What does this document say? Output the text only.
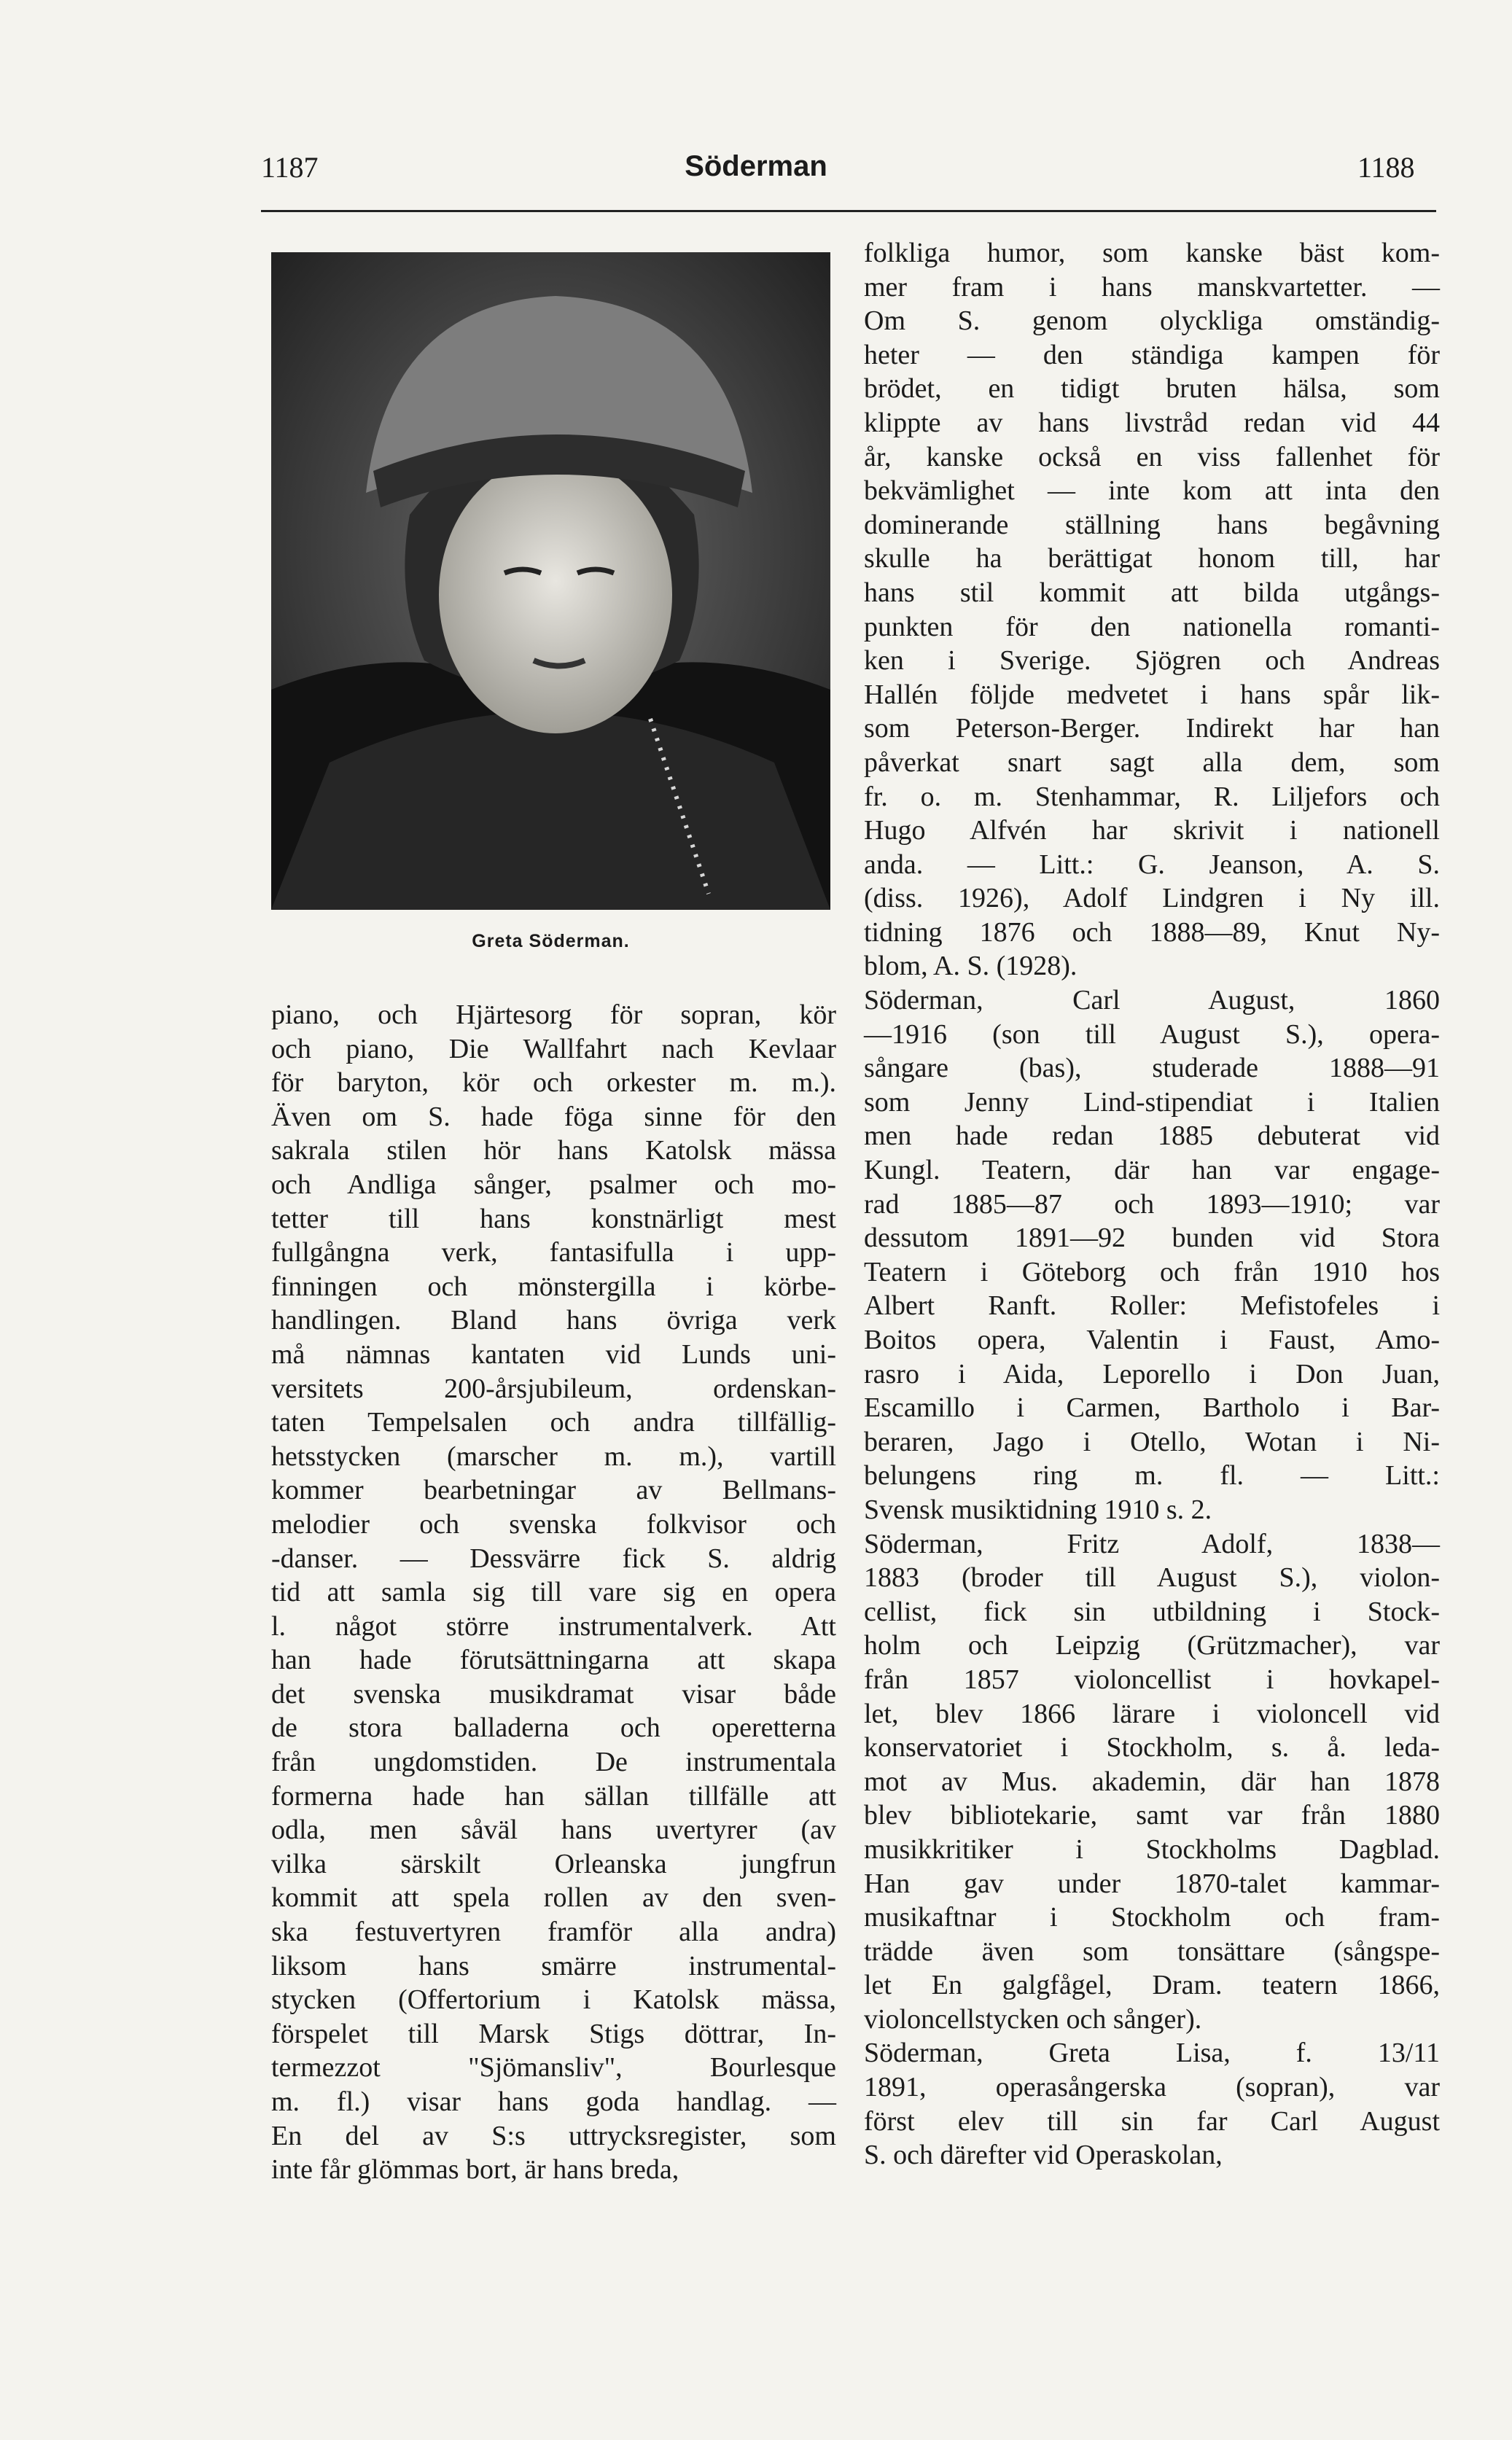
1187	Söderman	1188
Greta Söderman.
piano, och Hjärtesorg för sopran, kör
och piano, Die Wallfahrt nach Kevlaar
för baryton, kör och orkester m. m.).
Även om S. hade föga sinne för den
sakrala stilen hör hans Katolsk mässa
och Andliga sånger, psalmer och mo-
tetter till hans konstnärligt mest
fullgångna verk, fantasifulla i upp-
finningen och mönstergilla i körbe-
handlingen. Bland hans övriga verk
må nämnas kantaten vid Lunds uni-
versitets 200-årsjubileum, ordenskan-
taten Tempelsalen och andra tillfällig-
hetsstycken (marscher m. m.), vartill
kommer bearbetningar av Bellmans-
melodier och svenska folkvisor och
-danser. — Dessvärre fick S. aldrig
tid att samla sig till vare sig en opera
l. något större instrumentalverk. Att
han hade förutsättningarna att skapa
det svenska musikdramat visar både
de stora balladerna och operetterna
från ungdomstiden. De instrumentala
formerna hade han sällan tillfälle att
odla, men såväl hans uvertyrer (av
vilka särskilt Orleanska jungfrun
kommit att spela rollen av den sven-
ska festuvertyren framför alla andra)
liksom hans smärre instrumental-
stycken (Offertorium i Katolsk mässa,
förspelet till Marsk Stigs döttrar, In-
termezzot "Sjömansliv", Bourlesque
m. fl.) visar hans goda handlag. —
En del av S:s uttrycksregister, som
inte får glömmas bort, är hans breda,
folkliga humor, som kanske bäst kom-
mer fram i hans manskvartetter. —
Om S. genom olyckliga omständig-
heter — den ständiga kampen för
brödet, en tidigt bruten hälsa, som
klippte av hans livstråd redan vid 44
år, kanske också en viss fallenhet för
bekvämlighet — inte kom att inta den
dominerande ställning hans begåvning
skulle ha berättigat honom till, har
hans stil kommit att bilda utgångs-
punkten för den nationella romanti-
ken i Sverige. Sjögren och Andreas
Hallén följde medvetet i hans spår lik-
som Peterson-Berger. Indirekt har han
påverkat snart sagt alla dem, som
fr. o. m. Stenhammar, R. Liljefors och
Hugo Alfvén har skrivit i nationell
anda. — Litt.: G. Jeanson, A. S.
(diss. 1926), Adolf Lindgren i Ny ill.
tidning 1876 och 1888—89, Knut Ny-
blom, A. S. (1928).
Söderman, Carl August, 1860
—1916 (son till August S.), opera-
sångare (bas), studerade 1888—91
som Jenny Lind-stipendiat i Italien
men hade redan 1885 debuterat vid
Kungl. Teatern, där han var engage-
rad 1885—87 och 1893—1910; var
dessutom 1891—92 bunden vid Stora
Teatern i Göteborg och från 1910 hos
Albert Ranft. Roller: Mefistofeles i
Boitos opera, Valentin i Faust, Amo-
rasro i Aida, Leporello i Don Juan,
Escamillo i Carmen, Bartholo i Bar-
beraren, Jago i Otello, Wotan i Ni-
belungens ring m. fl. — Litt.:
Svensk musiktidning 1910 s. 2.
Söderman, Fritz Adolf, 1838—
1883 (broder till August S.), violon-
cellist, fick sin utbildning i Stock-
holm och Leipzig (Grützmacher), var
från 1857 violoncellist i hovkapel-
let, blev 1866 lärare i violoncell vid
konservatoriet i Stockholm, s. å. leda-
mot av Mus. akademin, där han 1878
blev bibliotekarie, samt var från 1880
musikkritiker i Stockholms Dagblad.
Han gav under 1870-talet kammar-
musikaftnar i Stockholm och fram-
trädde även som tonsättare (sångspe-
let En galgfågel, Dram. teatern 1866,
violoncellstycken och sånger).
Söderman, Greta Lisa, f. 13/11
1891, operasångerska (sopran), var
först elev till sin far Carl August
S. och därefter vid Operaskolan,
